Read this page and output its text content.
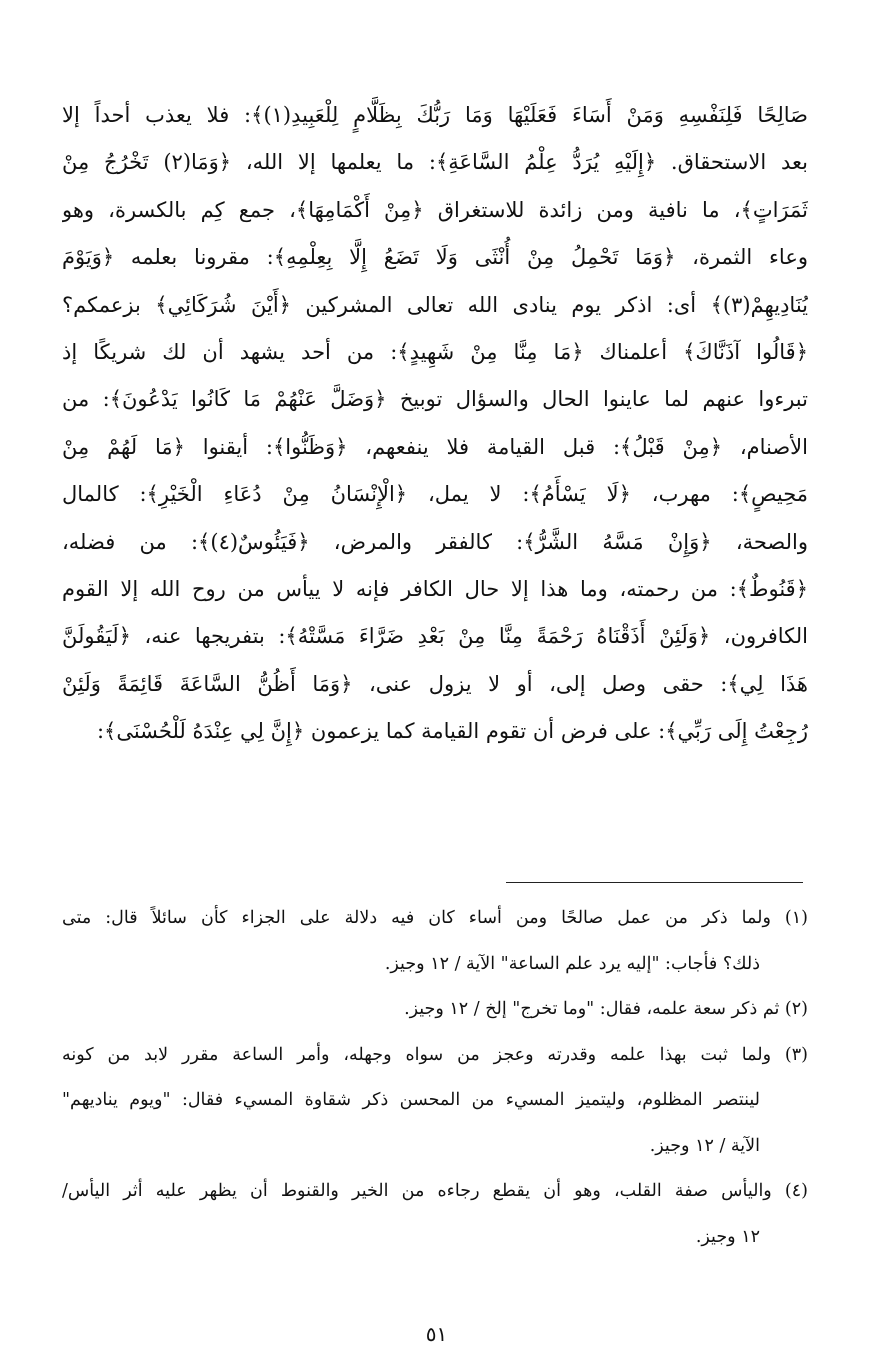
صَالِحًا فَلِنَفْسِهِ وَمَنْ أَسَاءَ فَعَلَيْهَا وَمَا رَبُّكَ بِظَلَّامٍ لِلْعَبِيدِ(١)﴾: فلا يعذب أحداً إلا
بعد الاستحقاق. ﴿إِلَيْهِ يُرَدُّ عِلْمُ السَّاعَةِ﴾: ما يعلمها إلا الله، ﴿وَمَا(٢) تَخْرُجُ مِنْ
ثَمَرَاتٍ﴾، ما نافية ومن زائدة للاستغراق ﴿مِنْ أَكْمَامِهَا﴾، جمع كِم بالكسرة، وهو
وعاء الثمرة، ﴿وَمَا تَحْمِلُ مِنْ أُنْثَى وَلَا تَضَعُ إِلَّا بِعِلْمِهِ﴾: مقرونا بعلمه ﴿وَيَوْمَ
يُنَادِيهِمْ(٣)﴾ أى: اذكر يوم ينادى الله تعالى المشركين ﴿أَيْنَ شُرَكَائِي﴾ بزعمكم؟
﴿قَالُوا آذَنَّاكَ﴾ أعلمناك ﴿مَا مِنَّا مِنْ شَهِيدٍ﴾: من أحد يشهد أن لك شريكًا إذ
تبرءوا عنهم لما عاينوا الحال والسؤال توبيخ ﴿وَضَلَّ عَنْهُمْ مَا كَانُوا يَدْعُونَ﴾: من
الأصنام، ﴿مِنْ قَبْلُ﴾: قبل القيامة فلا ينفعهم، ﴿وَظَنُّوا﴾: أيقنوا ﴿مَا لَهُمْ مِنْ
مَحِيصٍ﴾: مهرب، ﴿لَا يَسْأَمُ﴾: لا يمل، ﴿الْإِنْسَانُ مِنْ دُعَاءِ الْخَيْرِ﴾: كالمال
والصحة، ﴿وَإِنْ مَسَّهُ الشَّرُّ﴾: كالفقر والمرض، ﴿فَيَئُوسٌ(٤)﴾: من فضله،
﴿قَنُوطٌ﴾: من رحمته، وما هذا إلا حال الكافر فإنه لا ييأس من روح الله إلا القوم
الكافرون، ﴿وَلَئِنْ أَذَقْنَاهُ رَحْمَةً مِنَّا مِنْ بَعْدِ ضَرَّاءَ مَسَّتْهُ﴾: بتفريجها عنه، ﴿لَيَقُولَنَّ
هَذَا لِي﴾: حقى وصل إلى، أو لا يزول عنى، ﴿وَمَا أَظُنُّ السَّاعَةَ قَائِمَةً وَلَئِنْ
رُجِعْتُ إِلَى رَبِّي﴾: على فرض أن تقوم القيامة كما يزعمون ﴿إِنَّ لِي عِنْدَهُ لَلْحُسْنَى﴾:
(١) ولما ذكر من عمل صالحًا ومن أساء كان فيه دلالة على الجزاء كأن سائلاً قال: متى
ذلك؟ فأجاب: "إليه يرد علم الساعة" الآية / ١٢ وجيز.
(٢) ثم ذكر سعة علمه، فقال: "وما تخرج" إلخ / ١٢ وجيز.
(٣) ولما ثبت بهذا علمه وقدرته وعجز من سواه وجهله، وأمر الساعة مقرر لابد من كونه
لينتصر المظلوم، وليتميز المسيء من المحسن ذكر شقاوة المسيء فقال: "ويوم يناديهم"
الآية / ١٢ وجيز.
(٤) واليأس صفة القلب، وهو أن يقطع رجاءه من الخير والقنوط أن يظهر عليه أثر اليأس/
١٢ وجيز.
٥١
